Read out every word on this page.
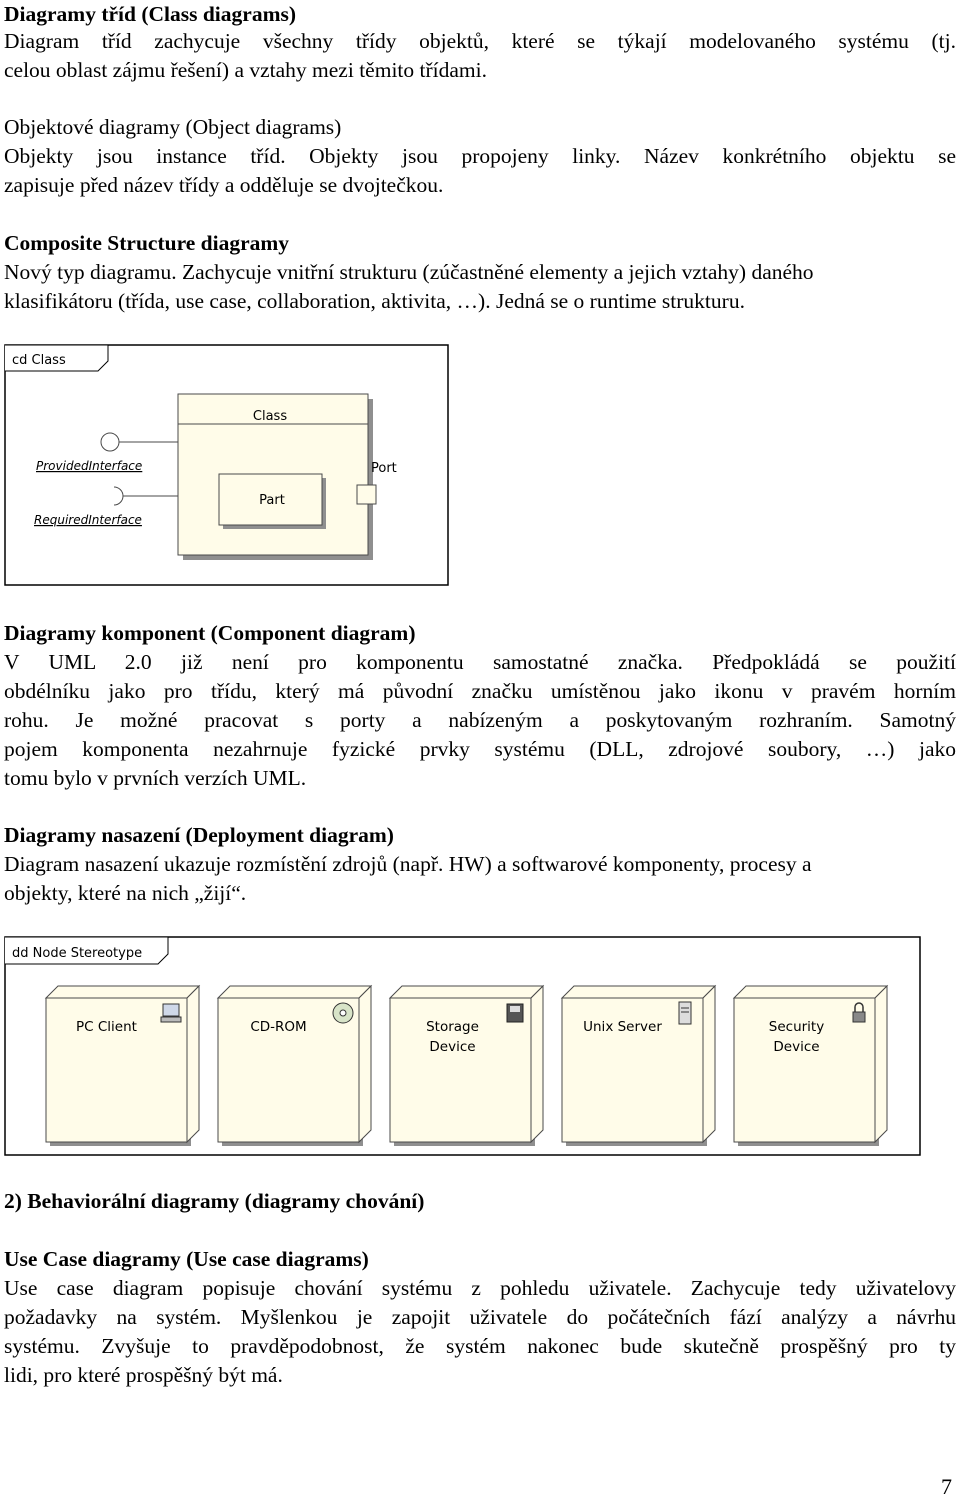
Diagramy tříd (Class diagrams)
Diagram tříd zachycuje všechny třídy objektů, které se týkají modelovaného systému (tj.
celou oblast zájmu řešení) a vztahy mezi těmito třídami.
Objektové diagramy (Object diagrams)
Objekty jsou instance tříd. Objekty jsou propojeny linky. Název konkrétního objektu se
zapisuje před název třídy a odděluje se dvojtečkou.
Composite Structure diagramy
Nový typ diagramu. Zachycuje vnitřní strukturu (zúčastněné elementy a jejich vztahy) daného
klasifikátoru (třída, use case, collaboration, aktivita, …). Jedná se o runtime strukturu.
cd Class
Class
Part
Port
ProvidedInterface
RequiredInterface
Diagramy komponent (Component diagram)
V UML 2.0 již není pro komponentu samostatné značka. Předpokládá se použití
obdélníku jako pro třídu, který má původní značku umístěnou jako ikonu v pravém horním
rohu. Je možné pracovat s porty a nabízeným a poskytovaným rozhraním. Samotný
pojem komponenta nezahrnuje fyzické prvky systému (DLL, zdrojové soubory, …) jako
tomu bylo v prvních verzích UML.
Diagramy nasazení (Deployment diagram)
Diagram nasazení ukazuje rozmístění zdrojů (např. HW) a softwarové komponenty, procesy a
objekty, které na nich „žijí“.
dd Node Stereotype
PC Client	CD-ROM	Storage
Device
Unix Server	Security
Device
2) Behaviorální diagramy (diagramy chování)
Use Case diagramy (Use case diagrams)
Use case diagram popisuje chování systému z pohledu uživatele. Zachycuje tedy uživatelovy
požadavky na systém. Myšlenkou je zapojit uživatele do počátečních fází analýzy a návrhu
systému. Zvyšuje to pravděpodobnost, že systém nakonec bude skutečně prospěšný pro ty
lidi, pro které prospěšný být má.
7
